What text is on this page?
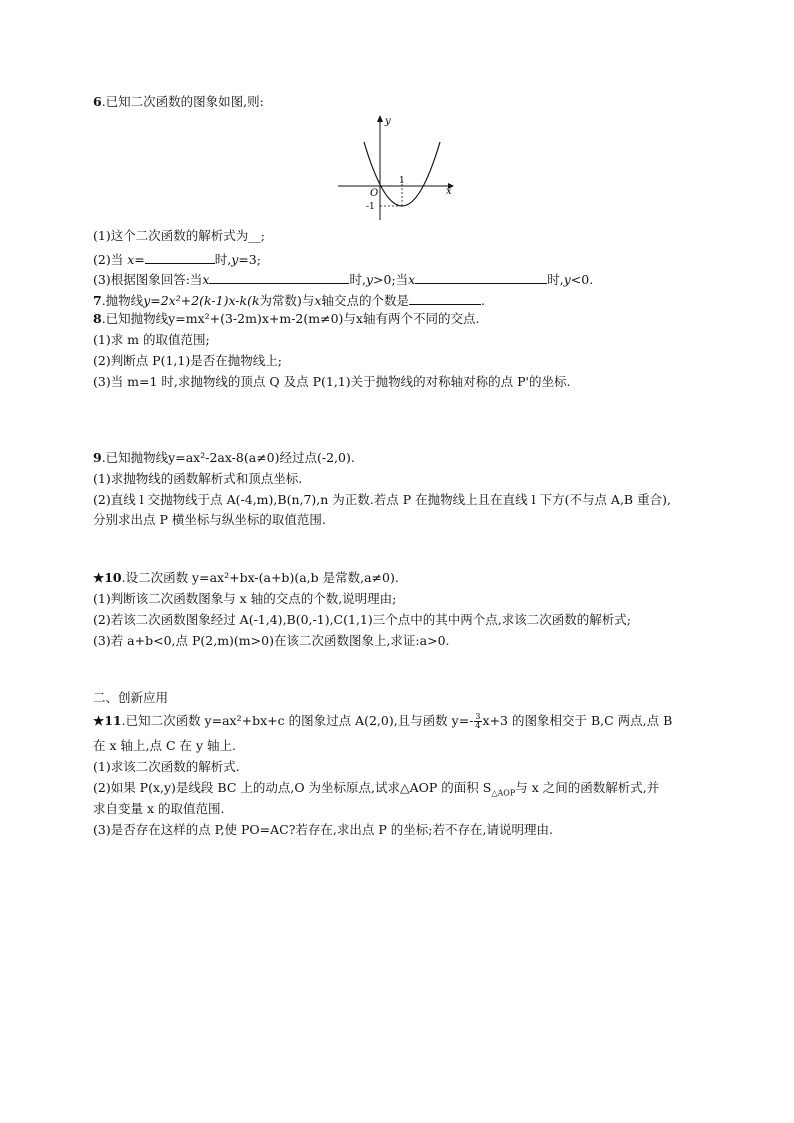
6.已知二次函数的图象如图,则:
y
x
O
1
-1
(1)这个二次函数的解析式为__;
(2)当 x=	时,y=3;
(3)根据图象回答:当x	时,y>0;当x	时,y<0.
7.抛物线y=2x²+2(k-1)x-k(k为常数)与x轴交点的个数是	.
8.已知抛物线y=mx²+(3-2m)x+m-2(m≠0)与x轴有两个不同的交点.
(1)求 m 的取值范围;
(2)判断点 P(1,1)是否在抛物线上;
(3)当 m=1 时,求抛物线的顶点 Q 及点 P(1,1)关于抛物线的对称轴对称的点 P'的坐标.
9.已知抛物线y=ax²-2ax-8(a≠0)经过点(-2,0).
(1)求抛物线的函数解析式和顶点坐标.
(2)直线 l 交抛物线于点 A(-4,m),B(n,7),n 为正数.若点 P 在抛物线上且在直线 l 下方(不与点 A,B 重合),
分别求出点 P 横坐标与纵坐标的取值范围.
★10.设二次函数 y=ax²+bx-(a+b)(a,b 是常数,a≠0).
(1)判断该二次函数图象与 x 轴的交点的个数,说明理由;
(2)若该二次函数图象经过 A(-1,4),B(0,-1),C(1,1)三个点中的其中两个点,求该二次函数的解析式;
(3)若 a+b<0,点 P(2,m)(m>0)在该二次函数图象上,求证:a>0.
二、创新应用
★11.已知二次函数 y=ax²+bx+c 的图象过点 A(2,0),且与函数 $y=- \frac{3}{4} x+3$ 的图象相交于 B,C 两点,点 B
在 x 轴上,点 C 在 y 轴上.
(1)求该二次函数的解析式.
(2)如果 P(x,y)是线段 BC 上的动点,O 为坐标原点,试求△AOP 的面积 $S_{\triangle AOP}$与 x 之间的函数解析式,并
求自变量 x 的取值范围.
(3)是否存在这样的点 P,使 PO=AC?若存在,求出点 P 的坐标;若不存在,请说明理由.
